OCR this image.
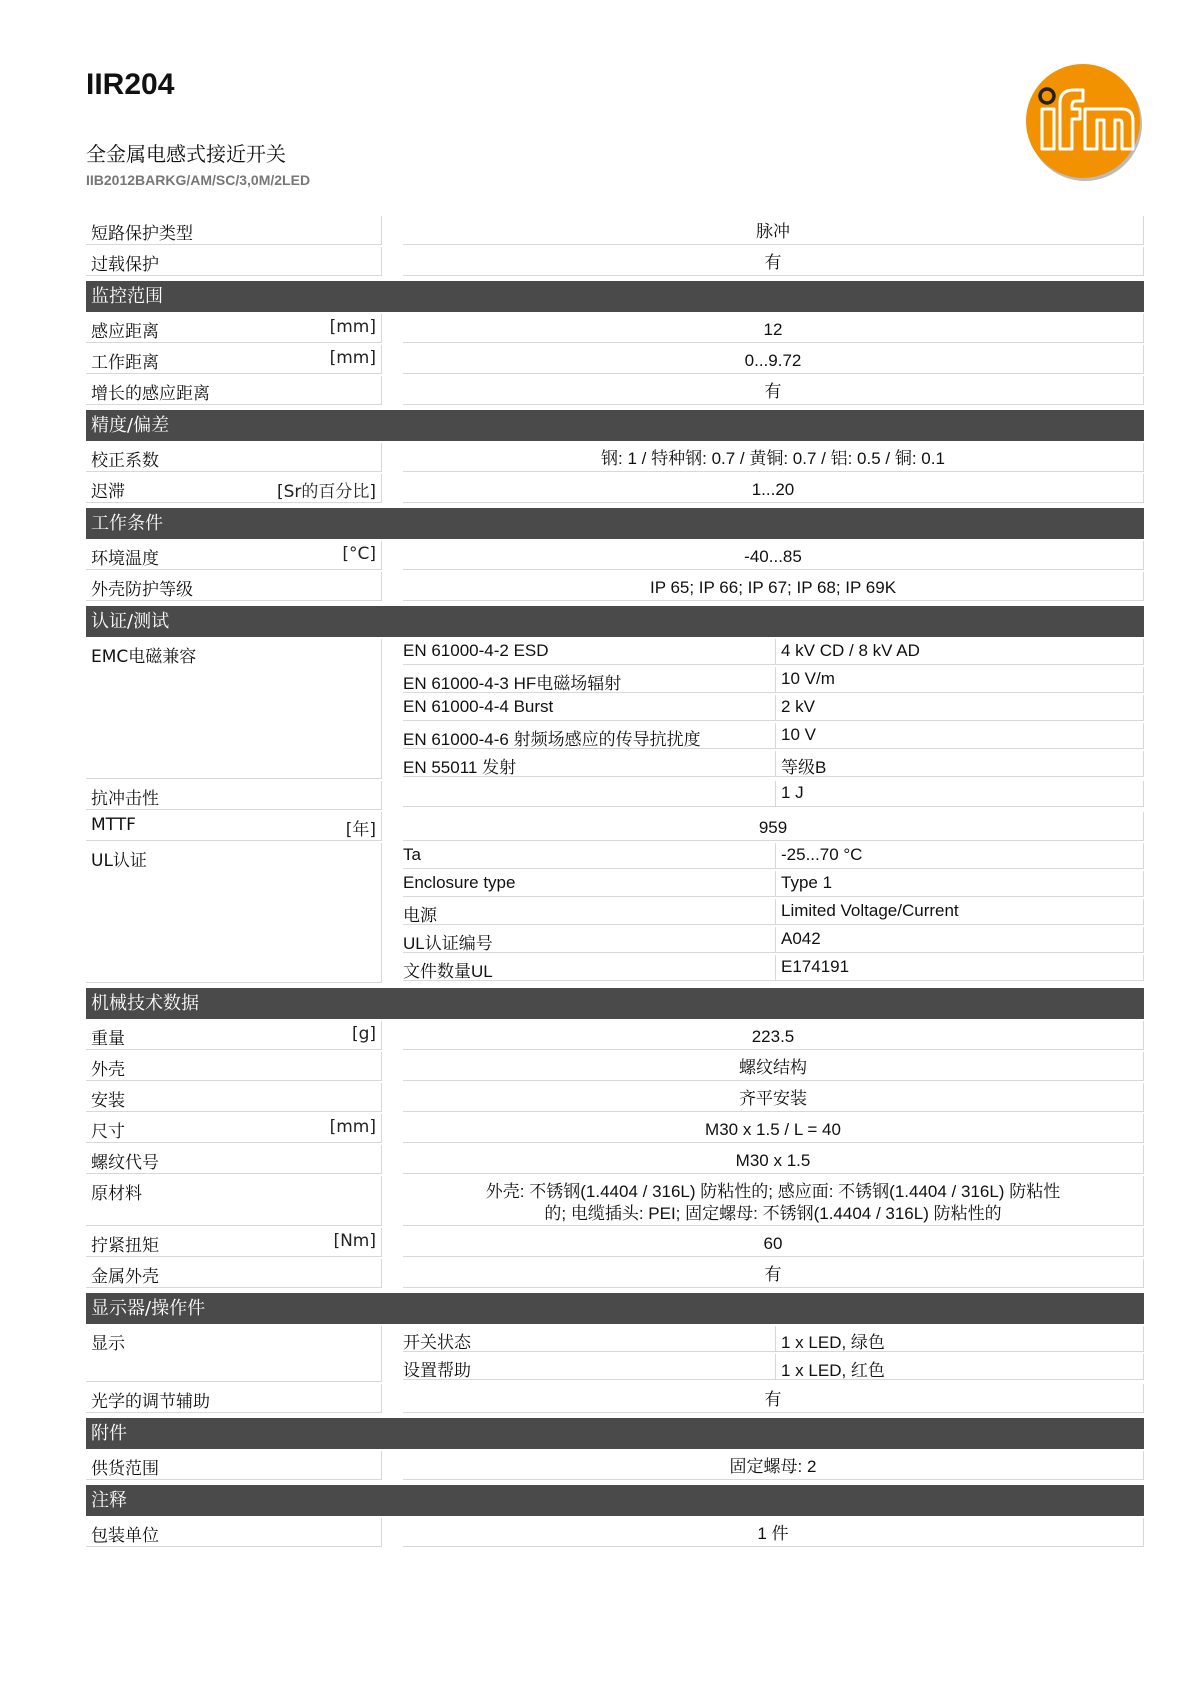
IIR204
全金属电感式接近开关
IIB2012BARKG/AM/SC/3,0M/2LED
短路保护类型	脉冲
过载保护	有
监控范围
感应距离	[mm]	12
工作距离	[mm]	0...9.72
增长的感应距离	有
精度/偏差
校正系数	钢: 1 / 特种钢: 0.7 / 黄铜: 0.7 / 铝: 0.5 / 铜: 0.1
迟滞	[Sr的百分比]	1...20
工作条件
环境温度	[°C]	-40...85
外壳防护等级	IP 65; IP 66; IP 67; IP 68; IP 69K
认证/测试
EMC电磁兼容	EN 61000-4-2 ESD	4 kV CD / 8 kV AD
EN 61000-4-3 HF电磁场辐射	10 V/m
EN 61000-4-4 Burst	2 kV
EN 61000-4-6 射频场感应的传导抗扰度	10 V
EN 55011 发射	等级B
抗冲击性	1 J
MTTF	[年]	959
UL认证	Ta	-25...70 °C
Enclosure type	Type 1
电源	Limited Voltage/Current
UL认证编号	A042
文件数量UL	E174191
机械技术数据
重量	[g]	223.5
外壳	螺纹结构
安装	齐平安装
尺寸	[mm]	M30 x 1.5 / L = 40
螺纹代号	M30 x 1.5
原材料	外壳: 不锈钢(1.4404 / 316L) 防粘性的; 感应面: 不锈钢(1.4404 / 316L) 防粘性的; 电缆插头: PEI; 固定螺母: 不锈钢(1.4404 / 316L) 防粘性的
拧紧扭矩	[Nm]	60
金属外壳	有
显示器/操作件
显示	开关状态	1 x LED, 绿色
设置帮助	1 x LED, 红色
光学的调节辅助	有
附件
供货范围	固定螺母: 2
注释
包装单位	1 件
